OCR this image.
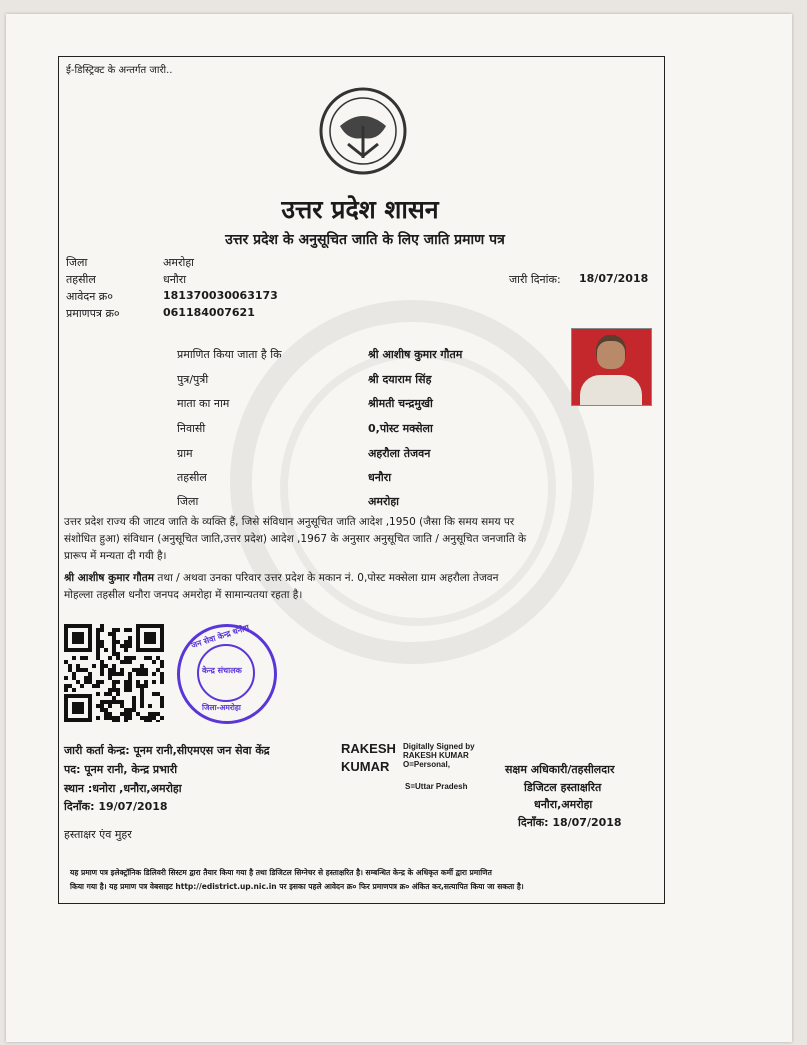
ई-डिस्ट्रिक्ट के अन्तर्गत जारी..
उत्तर प्रदेश शासन
उत्तर प्रदेश के अनुसूचित जाति के लिए जाति प्रमाण पत्र
जिला	अमरोहा
तहसील	धनौरा
आवेदन क्र०	181370030063173
प्रमाणपत्र क्र०	061184007621
जारी दिनांक: 18/07/2018
प्रमाणित किया जाता है कि	श्री आशीष कुमार गौतम
पुत्र/पुत्री	श्री दयाराम सिंह
माता का नाम	श्रीमती चन्द्रमुखी
निवासी	0,पोस्ट मक्सेला
ग्राम	अहरौला तेजवन
तहसील	धनौरा
जिला	अमरोहा
उत्तर प्रदेश राज्य की जाटव जाति के व्यक्ति हैं, जिसे संविधान अनुसूचित जाति आदेश ,1950 (जैसा कि समय समय पर
संशोधित हुआ) संविधान (अनुसूचित जाति,उत्तर प्रदेश) आदेश ,1967 के अनुसार अनुसूचित जाति / अनुसूचित जनजाति के
प्रारूप में मन्यता दी गयी है।
श्री आशीष कुमार गौतम तथा / अथवा उनका परिवार उत्तर प्रदेश के मकान नं. 0,पोस्ट मक्सेला ग्राम अहरौला तेजवन
मोहल्ला तहसील धनौरा जनपद अमरोहा में सामान्यतया रहता है।
जन सेवा केन्द्र धनौरा
केन्द्र संचालक
जिला-अमरोहा
जारी कर्ता केन्द्र: पूनम रानी,सीएमएस जन सेवा केंद्र
पद: पूनम रानी, केन्द्र प्रभारी
स्थान :धनोरा ,धनौरा,अमरोहा
दिनाँक: 19/07/2018
हस्ताक्षर एंव मुहर
RAKESH
KUMAR
Digitally Signed by
RAKESH KUMAR
O=Personal,
S=Uttar Pradesh
सक्षम अधिकारी/तहसीलदार
डिजिटल हस्ताक्षरित
धनौरा,अमरोहा
दिनाँक: 18/07/2018
यह प्रमाण पत्र इलेक्ट्रॉनिक डिलिवरी सिस्टम द्वारा तैयार किया गया है तथा डिजिटल सिग्नेचर से हस्ताक्षरित है। सम्बन्धित केन्द्र के अधिकृत कर्मी द्वारा प्रमाणित
किया गया है। यह प्रमाण पत्र वेबसाइट http://edistrict.up.nic.in पर इसका पहले आवेदन क्र० फिर प्रमाणपत्र क्र० अंकित कर,सत्यापित किया जा सकता है।
